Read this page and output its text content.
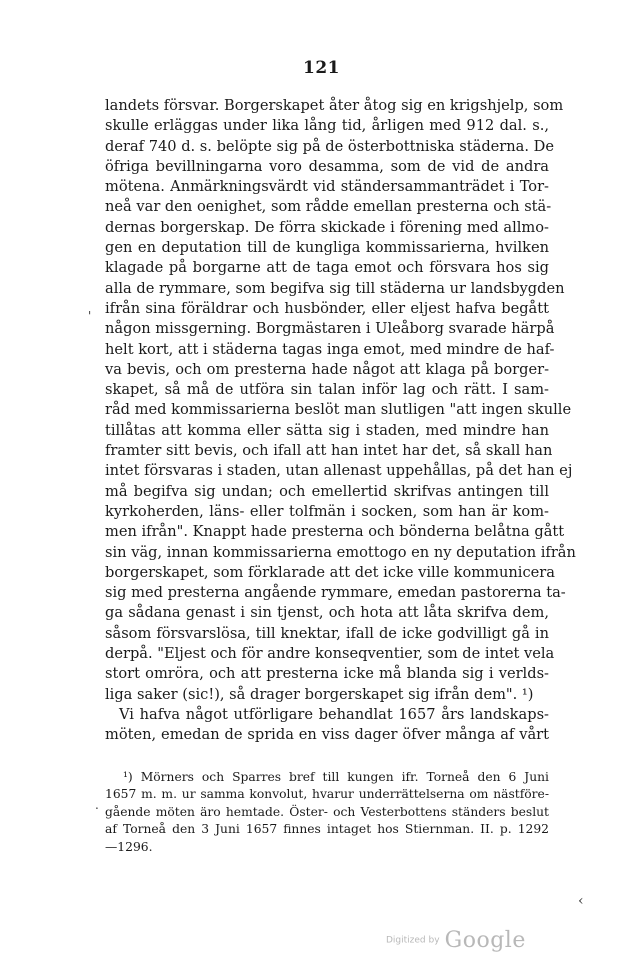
121
landets försvar. Borgerskapet åter åtog sig en krigshjelp, som
skulle erläggas under lika lång tid, årligen med 912 dal. s.,
deraf 740 d. s. belöpte sig på de österbottniska städerna. De
öfriga bevillningarna voro desamma, som de vid de andra
mötena. Anmärkningsvärdt vid ständersammanträdet i Tor-
neå var den oenighet, som rådde emellan presterna och stä-
dernas borgerskap. De förra skickade i förening med allmo-
gen en deputation till de kungliga kommissarierna, hvilken
klagade på borgarne att de taga emot och försvara hos sig
alla de rymmare, som begifva sig till städerna ur landsbygden
ifrån sina föräldrar och husbönder, eller eljest hafva begått
någon missgerning. Borgmästaren i Uleåborg svarade härpå
helt kort, att i städerna tagas inga emot, med mindre de haf-
va bevis, och om presterna hade något att klaga på borger-
skapet, så må de utföra sin talan inför lag och rätt. I sam-
råd med kommissarierna beslöt man slutligen "att ingen skulle
tillåtas att komma eller sätta sig i staden, med mindre han
framter sitt bevis, och ifall att han intet har det, så skall han
intet försvaras i staden, utan allenast uppehållas, på det han ej
må begifva sig undan; och emellertid skrifvas antingen till
kyrkoherden, läns- eller tolfmän i socken, som han är kom-
men ifrån". Knappt hade presterna och bönderna belåtna gått
sin väg, innan kommissarierna emottogo en ny deputation ifrån
borgerskapet, som förklarade att det icke ville kommunicera
sig med presterna angående rymmare, emedan pastorerna ta-
ga sådana genast i sin tjenst, och hota att låta skrifva dem,
såsom försvarslösa, till knektar, ifall de icke godvilligt gå in
derpå. "Eljest och för andre konseqventier, som de intet vela
stort omröra, och att presterna icke må blanda sig i verlds-
liga saker (sic!), så drager borgerskapet sig ifrån dem". ¹)
Vi hafva något utförligare behandlat 1657 års landskaps-
möten, emedan de sprida en viss dager öfver många af vårt
¹) Mörners och Sparres bref till kungen ifr. Torneå den 6 Juni
1657 m. m. ur samma konvolut, hvarur underrättelserna om nästföre-
gående möten äro hemtade. Öster- och Vesterbottens ständers beslut
af Torneå den 3 Juni 1657 finnes intaget hos Stiernman. II. p. 1292
—1296.
'
.
‹
Digitized by Google
